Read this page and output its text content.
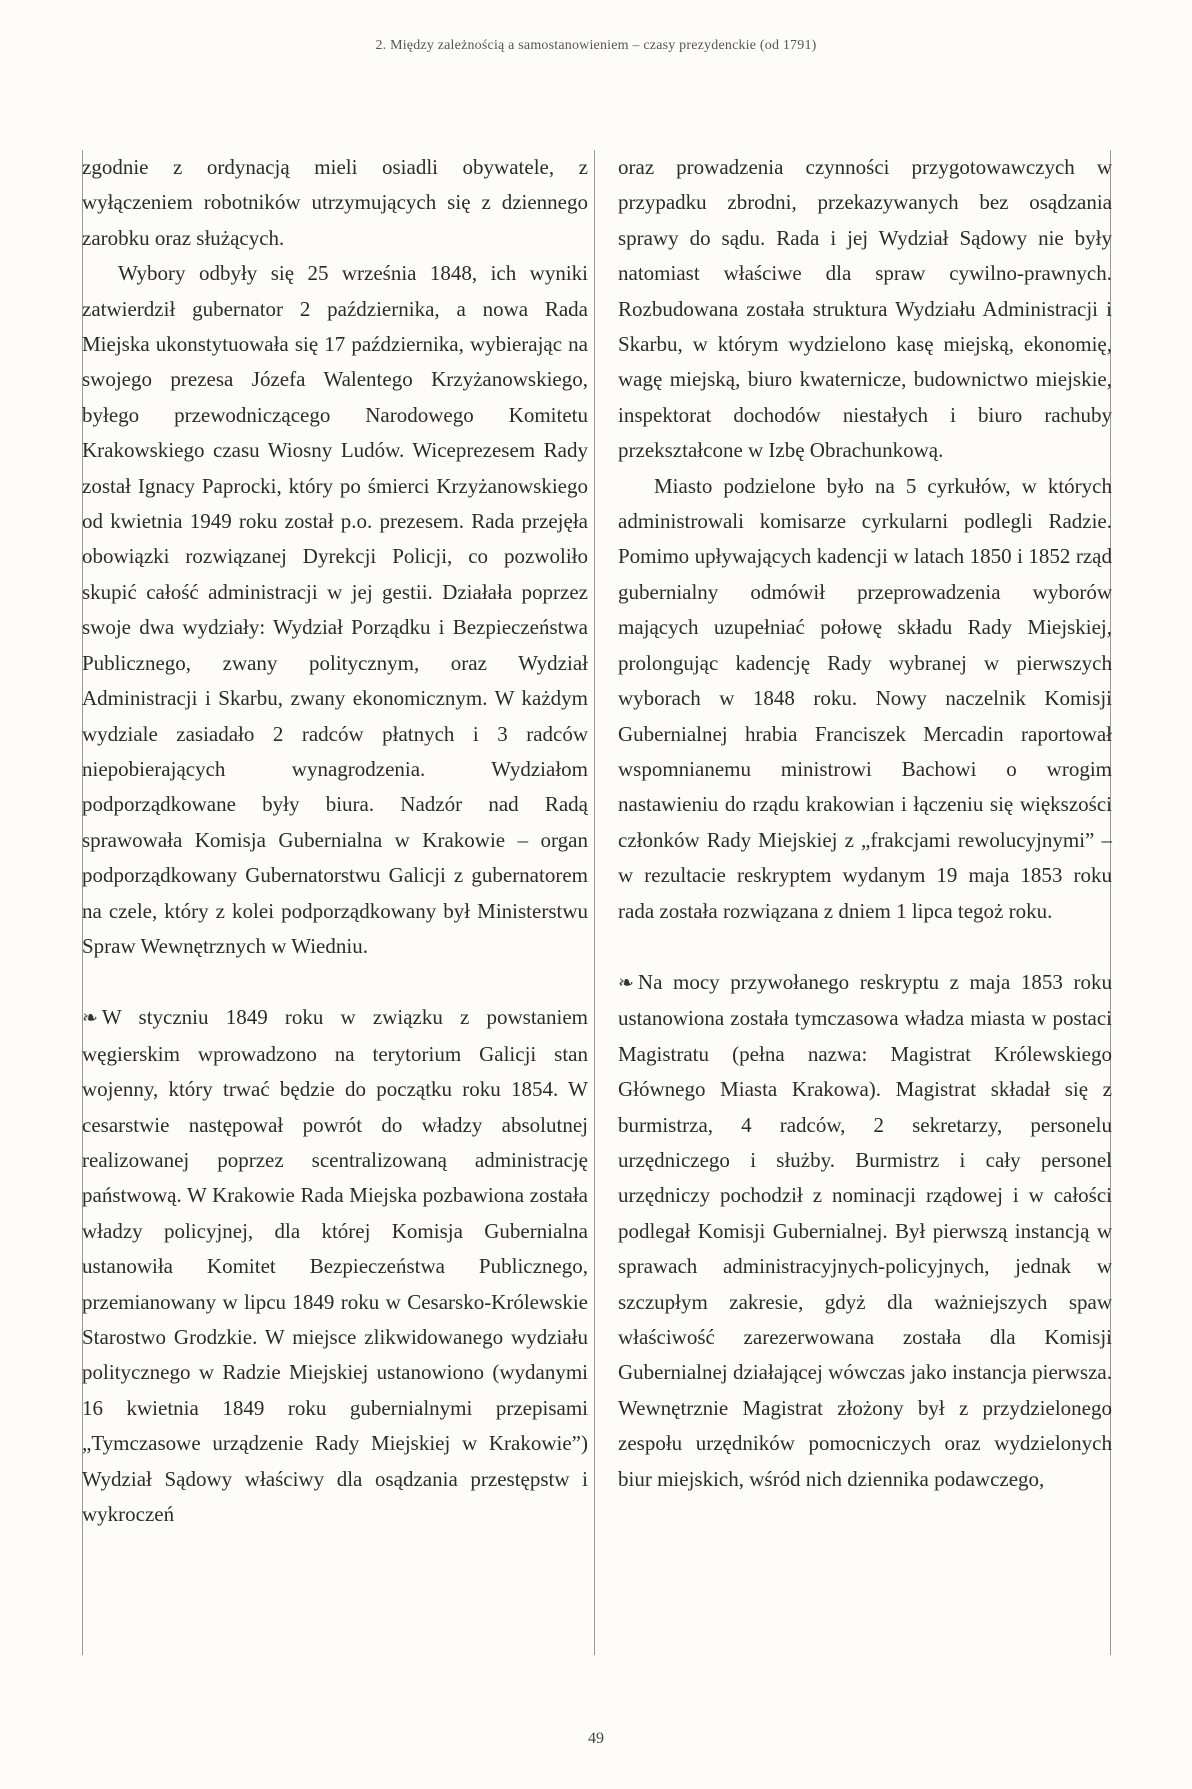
2. Między zależnością a samostanowieniem – czasy prezydenckie (od 1791)

zgodnie z ordynacją mieli osiadli obywatele, z wyłączeniem robotników utrzymujących się z dziennego zarobku oraz służących.

Wybory odbyły się 25 września 1848, ich wyniki zatwierdził gubernator 2 października, a nowa Rada Miejska ukonstytuowała się 17 października, wybierając na swojego prezesa Józefa Walentego Krzyżanowskiego, byłego przewodniczącego Narodowego Komitetu Krakowskiego czasu Wiosny Ludów. Wiceprezesem Rady został Ignacy Paprocki, który po śmierci Krzyżanowskiego od kwietnia 1949 roku został p.o. prezesem. Rada przejęła obowiązki rozwiązanej Dyrekcji Policji, co pozwoliło skupić całość administracji w jej gestii. Działała poprzez swoje dwa wydziały: Wydział Porządku i Bezpieczeństwa Publicznego, zwany politycznym, oraz Wydział Administracji i Skarbu, zwany ekonomicznym. W każdym wydziale zasiadało 2 radców płatnych i 3 radców niepobierających wynagrodzenia. Wydziałom podporządkowane były biura. Nadzór nad Radą sprawowała Komisja Gubernialna w Krakowie – organ podporządkowany Gubernatorstwu Galicji z gubernatorem na czele, który z kolei podporządkowany był Ministerstwu Spraw Wewnętrznych w Wiedniu.

❧ W styczniu 1849 roku w związku z powstaniem węgierskim wprowadzono na terytorium Galicji stan wojenny, który trwać będzie do początku roku 1854. W cesarstwie następował powrót do władzy absolutnej realizowanej poprzez scentralizowaną administrację państwową. W Krakowie Rada Miejska pozbawiona została władzy policyjnej, dla której Komisja Gubernialna ustanowiła Komitet Bezpieczeństwa Publicznego, przemianowany w lipcu 1849 roku w Cesarsko-Królewskie Starostwo Grodzkie. W miejsce zlikwidowanego wydziału politycznego w Radzie Miejskiej ustanowiono (wydanymi 16 kwietnia 1849 roku gubernialnymi przepisami „Tymczasowe urządzenie Rady Miejskiej w Krakowie”) Wydział Sądowy właściwy dla osądzania przestępstw i wykroczeń

oraz prowadzenia czynności przygotowawczych w przypadku zbrodni, przekazywanych bez osądzania sprawy do sądu. Rada i jej Wydział Sądowy nie były natomiast właściwe dla spraw cywilno-prawnych. Rozbudowana została struktura Wydziału Administracji i Skarbu, w którym wydzielono kasę miejską, ekonomię, wagę miejską, biuro kwaternicze, budownictwo miejskie, inspektorat dochodów niestałych i biuro rachuby przekształcone w Izbę Obrachunkową.

Miasto podzielone było na 5 cyrkułów, w których administrowali komisarze cyrkularni podlegli Radzie. Pomimo upływających kadencji w latach 1850 i 1852 rząd gubernialny odmówił przeprowadzenia wyborów mających uzupełniać połowę składu Rady Miejskiej, prolongując kadencję Rady wybranej w pierwszych wyborach w 1848 roku. Nowy naczelnik Komisji Gubernialnej hrabia Franciszek Mercadin raportował wspomnianemu ministrowi Bachowi o wrogim nastawieniu do rządu krakowian i łączeniu się większości członków Rady Miejskiej z „frakcjami rewolucyjnymi” – w rezultacie reskryptem wydanym 19 maja 1853 roku rada została rozwiązana z dniem 1 lipca tegoż roku.

❧ Na mocy przywołanego reskryptu z maja 1853 roku ustanowiona została tymczasowa władza miasta w postaci Magistratu (pełna nazwa: Magistrat Królewskiego Głównego Miasta Krakowa). Magistrat składał się z burmistrza, 4 radców, 2 sekretarzy, personelu urzędniczego i służby. Burmistrz i cały personel urzędniczy pochodził z nominacji rządowej i w całości podlegał Komisji Gubernialnej. Był pierwszą instancją w sprawach administracyjnych-policyjnych, jednak w szczupłym zakresie, gdyż dla ważniejszych spaw właściwość zarezerwowana została dla Komisji Gubernialnej działającej wówczas jako instancja pierwsza. Wewnętrznie Magistrat złożony był z przydzielonego zespołu urzędników pomocniczych oraz wydzielonych biur miejskich, wśród nich dziennika podawczego,

49
